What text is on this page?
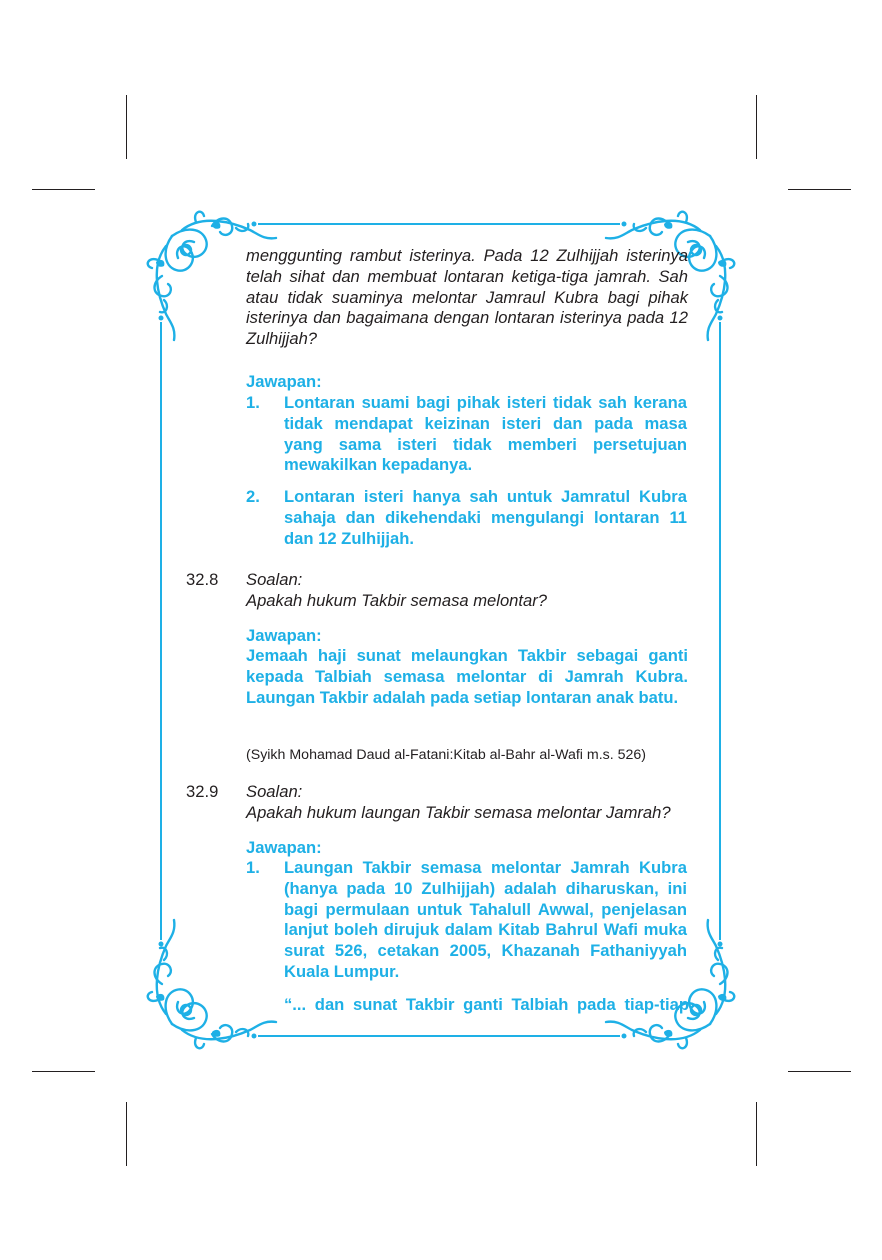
menggunting rambut isterinya. Pada 12 Zulhijjah isterinya telah sihat dan membuat lontaran ketiga-tiga jamrah. Sah atau tidak suaminya melontar Jamraul Kubra bagi pihak isterinya dan bagaimana dengan lontaran isterinya pada 12 Zulhijjah?
Jawapan:
1. Lontaran suami bagi pihak isteri tidak sah kerana tidak mendapat keizinan isteri dan pada masa yang sama isteri tidak memberi persetujuan mewakilkan kepadanya.
2. Lontaran isteri hanya sah untuk Jamratul Kubra sahaja dan dikehendaki mengulangi lontaran 11 dan 12 Zulhijjah.
32.8 Soalan:
Apakah hukum Takbir semasa melontar?
Jawapan:
Jemaah haji sunat melaungkan Takbir sebagai ganti kepada Talbiah semasa melontar di Jamrah Kubra. Laungan Takbir adalah pada setiap lontaran anak batu.
(Syikh Mohamad Daud al-Fatani:Kitab al-Bahr al-Wafi m.s. 526)
32.9 Soalan:
Apakah hukum laungan Takbir semasa melontar Jamrah?
Jawapan:
1. Laungan Takbir semasa melontar Jamrah Kubra (hanya pada 10 Zulhijjah) adalah diharuskan, ini bagi permulaan untuk Tahalull Awwal, penjelasan lanjut boleh dirujuk dalam Kitab Bahrul Wafi muka surat 526, cetakan 2005, Khazanah Fathaniyyah Kuala Lumpur.
“... dan sunat Takbir ganti Talbiah pada tiap-tiap
